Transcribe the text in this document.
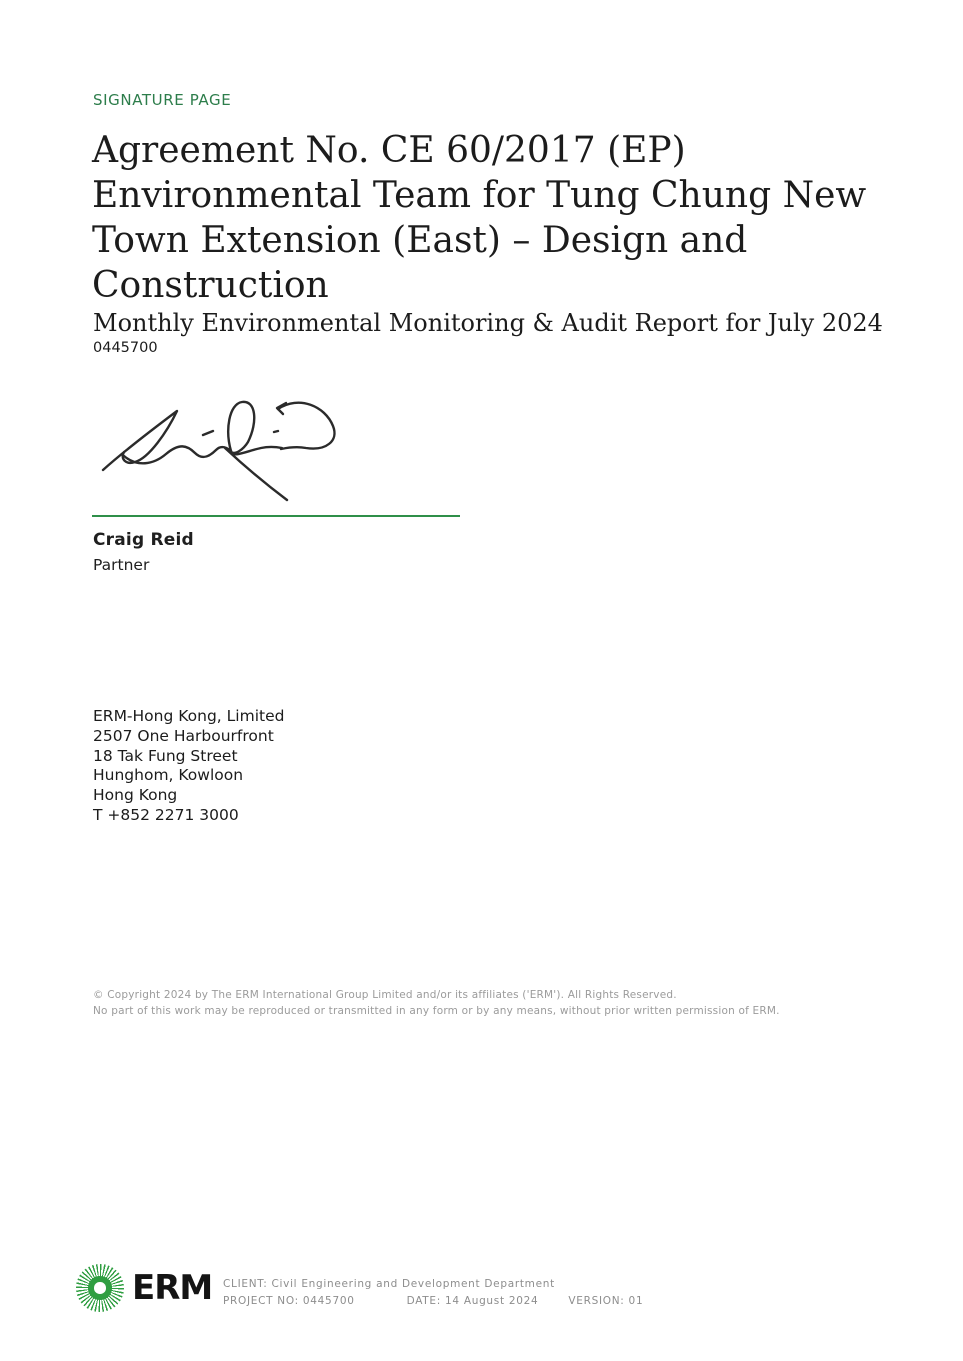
SIGNATURE PAGE
Agreement No. CE 60/2017 (EP)
Environmental Team for Tung Chung New
Town Extension (East) – Design and
Construction
Monthly Environmental Monitoring & Audit Report for July 2024
0445700
Craig Reid
Partner
ERM-Hong Kong, Limited
2507 One Harbourfront
18 Tak Fung Street
Hunghom, Kowloon
Hong Kong
T +852 2271 3000
© Copyright 2024 by The ERM International Group Limited and/or its affiliates ('ERM'). All Rights Reserved.
No part of this work may be reproduced or transmitted in any form or by any means, without prior written permission of ERM.
ERM CLIENT: Civil Engineering and Development Department
PROJECT NO: 0445700	DATE: 14 August 2024	VERSION: 01
